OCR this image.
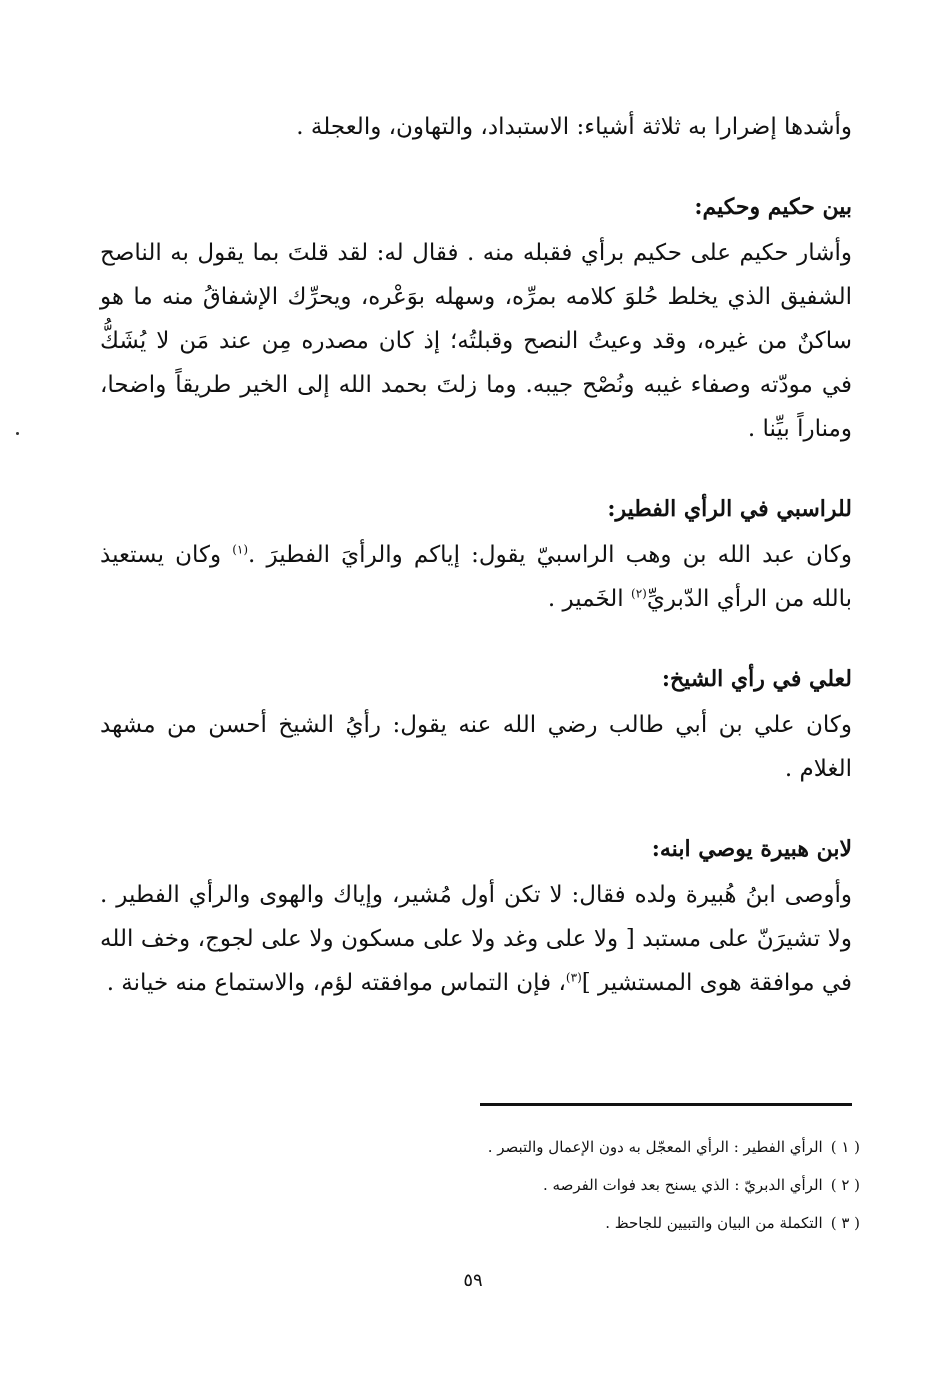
وأشدها إضرارا به ثلاثة أشياء: الاستبداد، والتهاون، والعجلة .

بين حكيم وحكيم:

وأشار حكيم على حكيم برأي فقبله منه . فقال له: لقد قلتَ بما يقول به الناصح الشفيق الذي يخلط حُلوَ كلامه بمرِّه، وسهله بوَعْره، ويحرِّك الإشفاقُ منه ما هو ساكنٌ من غيره، وقد وعيتُ النصح وقبلتُه؛ إذ كان مصدره مِن عند مَن لا يُشَكُّ في مودّته وصفاء غيبه ونُصْح جيبه. وما زلتَ بحمد الله إلى الخير طريقاً واضحا، ومناراً بيِّنا .

للراسبي في الرأي الفطير:

وكان عبد الله بن وهب الراسبيّ يقول: إياكم والرأيَ الفطيرَ .$^{(١)}$ وكان يستعيذ بالله من الرأي الدّبريِّ$^{(٢)}$ الخَمير .

لعلي في رأي الشيخ:

وكان علي بن أبي طالب رضي الله عنه يقول: رأيُ الشيخ أحسن من مشهد الغلام .

لابن هبيرة يوصي ابنه:

وأوصى ابنُ هُبيرة ولده فقال: لا تكن أول مُشير، وإياك والهوى والرأي الفطير . ولا تشيرَنّ على مستبد [ ولا على وغد ولا على مسكون ولا على لجوج، وخف الله في موافقة هوى المستشير ]$^{(٣)}$، فإن التماس موافقته لؤم، والاستماع منه خيانة .

( ١ )الرأي الفطير : الرأي المعجّل به دون الإعمال والتبصر .

( ٢ )الرأي الدبريّ : الذي يسنح بعد فوات الفرصه .

( ٣ )التكملة من البيان والتبيين للجاحظ .

٥٩
